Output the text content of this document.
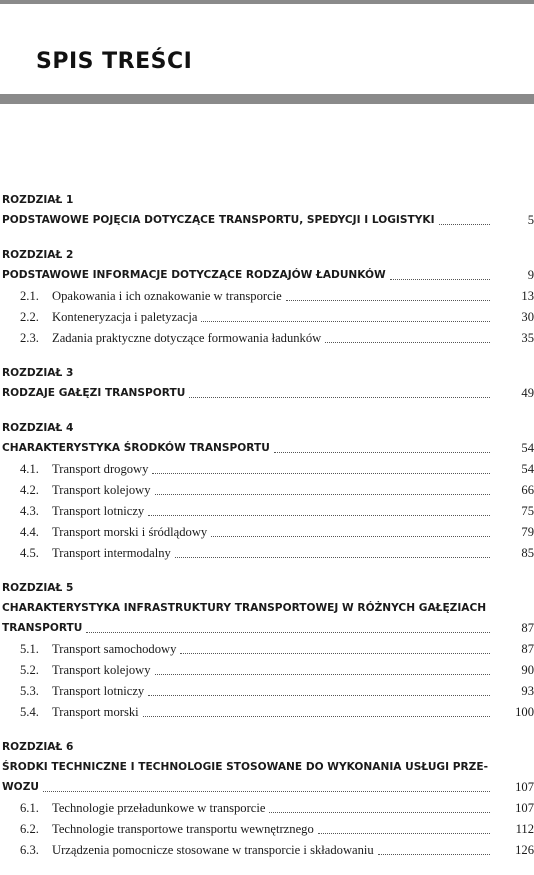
SPIS TREŚCI
ROZDZIAŁ 1
PODSTAWOWE POJĘCIA DOTYCZĄCE TRANSPORTU, SPEDYCJI I LOGISTYKI	5
ROZDZIAŁ 2
PODSTAWOWE INFORMACJE DOTYCZĄCE RODZAJÓW ŁADUNKÓW	9
2.1.	Opakowania i ich oznakowanie w transporcie	13
2.2.	Konteneryzacja i paletyzacja	30
2.3.	Zadania praktyczne dotyczące formowania ładunków	35
ROZDZIAŁ 3
RODZAJE GAŁĘZI TRANSPORTU	49
ROZDZIAŁ 4
CHARAKTERYSTYKA ŚRODKÓW TRANSPORTU	54
4.1.	Transport drogowy	54
4.2.	Transport kolejowy	66
4.3.	Transport lotniczy	75
4.4.	Transport morski i śródlądowy	79
4.5.	Transport intermodalny	85
ROZDZIAŁ 5
CHARAKTERYSTYKA INFRASTRUKTURY TRANSPORTOWEJ W RÓŻNYCH GAŁĘZIACH
TRANSPORTU	87
5.1.	Transport samochodowy	87
5.2.	Transport kolejowy	90
5.3.	Transport lotniczy	93
5.4.	Transport morski	100
ROZDZIAŁ 6
ŚRODKI TECHNICZNE I TECHNOLOGIE STOSOWANE DO WYKONANIA USŁUGI PRZE-
WOZU	107
6.1.	Technologie przeładunkowe w transporcie	107
6.2.	Technologie transportowe transportu wewnętrznego	112
6.3.	Urządzenia pomocnicze stosowane w transporcie i składowaniu	126
